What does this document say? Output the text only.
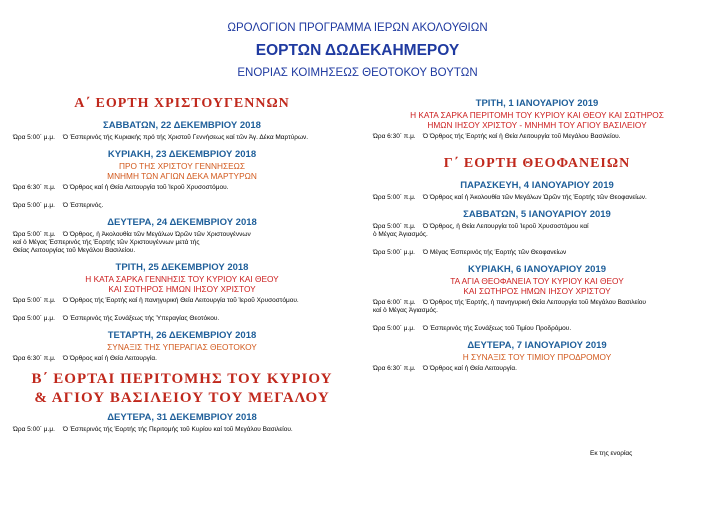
ΩΡΟΛΟΓΙΟΝ ΠΡΟΓΡΑΜΜΑ ΙΕΡΩΝ ΑΚΟΛΟΥΘΙΩΝ
ΕΟΡΤΩΝ ΔΩΔΕΚΑΗΜΕΡΟΥ
ΕΝΟΡΙΑΣ ΚΟΙΜΗΣΕΩΣ ΘΕΟΤΟΚΟΥ ΒΟΥΤΩΝ
Α΄ ΕΟΡΤΗ ΧΡΙΣΤΟΥΓΕΝΝΩΝ
ΣΑΒΒΑΤΩΝ, 22 ΔΕΚΕΜΒΡΙΟΥ 2018
Ώρα 5:00΄ μ.μ. Ό Έσπερινός τής Κυριακής πρό τής Χριστοῦ Γεννήσεως καί τῶν Άγ. Δέκα Μαρτύρων.
ΚΥΡΙΑΚΗ, 23 ΔΕΚΕΜΒΡΙΟΥ 2018
ΠΡΟ ΤΗΣ ΧΡΙΣΤΟΥ ΓΕΝΝΗΣΕΩΣ
ΜΝΗΜΗ ΤΩΝ ΑΓΙΩΝ ΔΕΚΑ ΜΑΡΤΥΡΩΝ
Ώρα 6:30΄ π.μ. Ό Όρθρος καί ἡ Θεία Λειτουργία τοῦ Ἱεροῦ Χρυσοστόμου.
Ώρα 5:00΄ μ.μ. Ό Έσπερινός.
ΔΕΥΤΕΡΑ, 24 ΔΕΚΕΜΒΡΙΟΥ 2018
Ώρα 5:00΄ π.μ. Ό Όρθρος, ἡ Ἀκολουθία τῶν Μεγάλων Ὡρῶν τῶν Χριστουγέννων
καί ὁ Μέγας Έσπερινός τής Έορτής τῶν Χριστουγέννων μετά τής
Θείας Λειτουργίας τοῦ Μεγάλου Βασιλείου.
ΤΡΙΤΗ, 25 ΔΕΚΕΜΒΡΙΟΥ 2018
Η ΚΑΤΑ ΣΑΡΚΑ ΓΕΝΝΗΣΙΣ ΤΟΥ ΚΥΡΙΟΥ ΚΑΙ ΘΕΟΥ
ΚΑΙ ΣΩΤΗΡΟΣ ΗΜΩΝ ΙΗΣΟΥ ΧΡΙΣΤΟΥ
Ώρα 5:00΄ π.μ. Ό Όρθρος τής Έορτής καί ἡ πανηγυρική Θεία Λειτουργία τοῦ Ἱεροῦ Χρυσοστόμου.
Ώρα 5:00΄ μ.μ. Ό Έσπερινός τής Συνάξεως τής Ὑπεραγίας Θεοτόκου.
ΤΕΤΑΡΤΗ, 26 ΔΕΚΕΜΒΡΙΟΥ 2018
ΣΥΝΑΞΙΣ ΤΗΣ ΥΠΕΡΑΓΙΑΣ ΘΕΟΤΟΚΟΥ
Ώρα 6:30΄ π.μ. Ό Όρθρος καί ἡ Θεία Λειτουργία.
Β΄ ΕΟΡΤΑΙ ΠΕΡΙΤΟΜΗΣ ΤΟΥ ΚΥΡΙΟΥ
& ΑΓΙΟΥ ΒΑΣΙΛΕΙΟΥ ΤΟΥ ΜΕΓΑΛΟΥ
ΔΕΥΤΕΡΑ, 31 ΔΕΚΕΜΒΡΙΟΥ 2018
Ώρα 5:00΄ μ.μ. Ό Έσπερινός τής Έορτής τής Περιτομής τοῦ Κυρίου καί τοῦ Μεγάλου Βασιλείου.
ΤΡΙΤΗ, 1 ΙΑΝΟΥΑΡΙΟΥ 2019
Η ΚΑΤΑ ΣΑΡΚΑ ΠΕΡΙΤΟΜΗ ΤΟΥ ΚΥΡΙΟΥ ΚΑΙ ΘΕΟΥ ΚΑΙ ΣΩΤΗΡΟΣ
ΗΜΩΝ ΙΗΣΟΥ ΧΡΙΣΤΟΥ - ΜΝΗΜΗ ΤΟΥ ΑΓΙΟΥ ΒΑΣΙΛΕΙΟΥ
Ώρα 6:30΄ π.μ. Ό Όρθρος τής Έορτής καί ἡ Θεία Λειτουργία τοῦ Μεγάλου Βασιλείου.
Γ΄ ΕΟΡΤΗ ΘΕΟΦΑΝΕΙΩΝ
ΠΑΡΑΣΚΕΥΗ, 4 ΙΑΝΟΥΑΡΙΟΥ 2019
Ώρα 5:00΄ π.μ. Ό Όρθρος καί ἡ Ἀκολουθία τῶν Μεγάλων Ὡρῶν τής Έορτής τῶν Θεοφανείων.
ΣΑΒΒΑΤΩΝ, 5 ΙΑΝΟΥΑΡΙΟΥ 2019
Ώρα 5:00΄ π.μ. Ό Όρθρος, ἡ Θεία Λειτουργία τοῦ Ἱεροῦ Χρυσοστόμου καί
ὁ Μέγας Ἁγιασμός.
Ώρα 5:00΄ μ.μ. Ό Μέγας Έσπερινός τής Έορτής τῶν Θεοφανείων
ΚΥΡΙΑΚΗ, 6 ΙΑΝΟΥΑΡΙΟΥ 2019
ΤΑ ΑΓΙΑ ΘΕΟΦΑΝΕΙΑ ΤΟΥ ΚΥΡΙΟΥ ΚΑΙ ΘΕΟΥ
ΚΑΙ ΣΩΤΗΡΟΣ ΗΜΩΝ ΙΗΣΟΥ ΧΡΙΣΤΟΥ
Ώρα 6:00΄ π.μ. Ό Όρθρος τής Έορτής, ἡ πανηγυρική Θεία Λειτουργία τοῦ Μεγάλου Βασιλείου
καί ὁ Μέγας Ἁγιασμός.
Ώρα 5:00΄ μ.μ. Ό Έσπερινός τής Συνάξεως τοῦ Τιμίου Προδρόμου.
ΔΕΥΤΕΡΑ, 7 ΙΑΝΟΥΑΡΙΟΥ 2019
Η ΣΥΝΑΞΙΣ ΤΟΥ ΤΙΜΙΟΥ ΠΡΟΔΡΟΜΟΥ
Ώρα 6:30΄ π.μ. Ό Όρθρος καί ἡ Θεία Λειτουργία.
Εκ της ενορίας
